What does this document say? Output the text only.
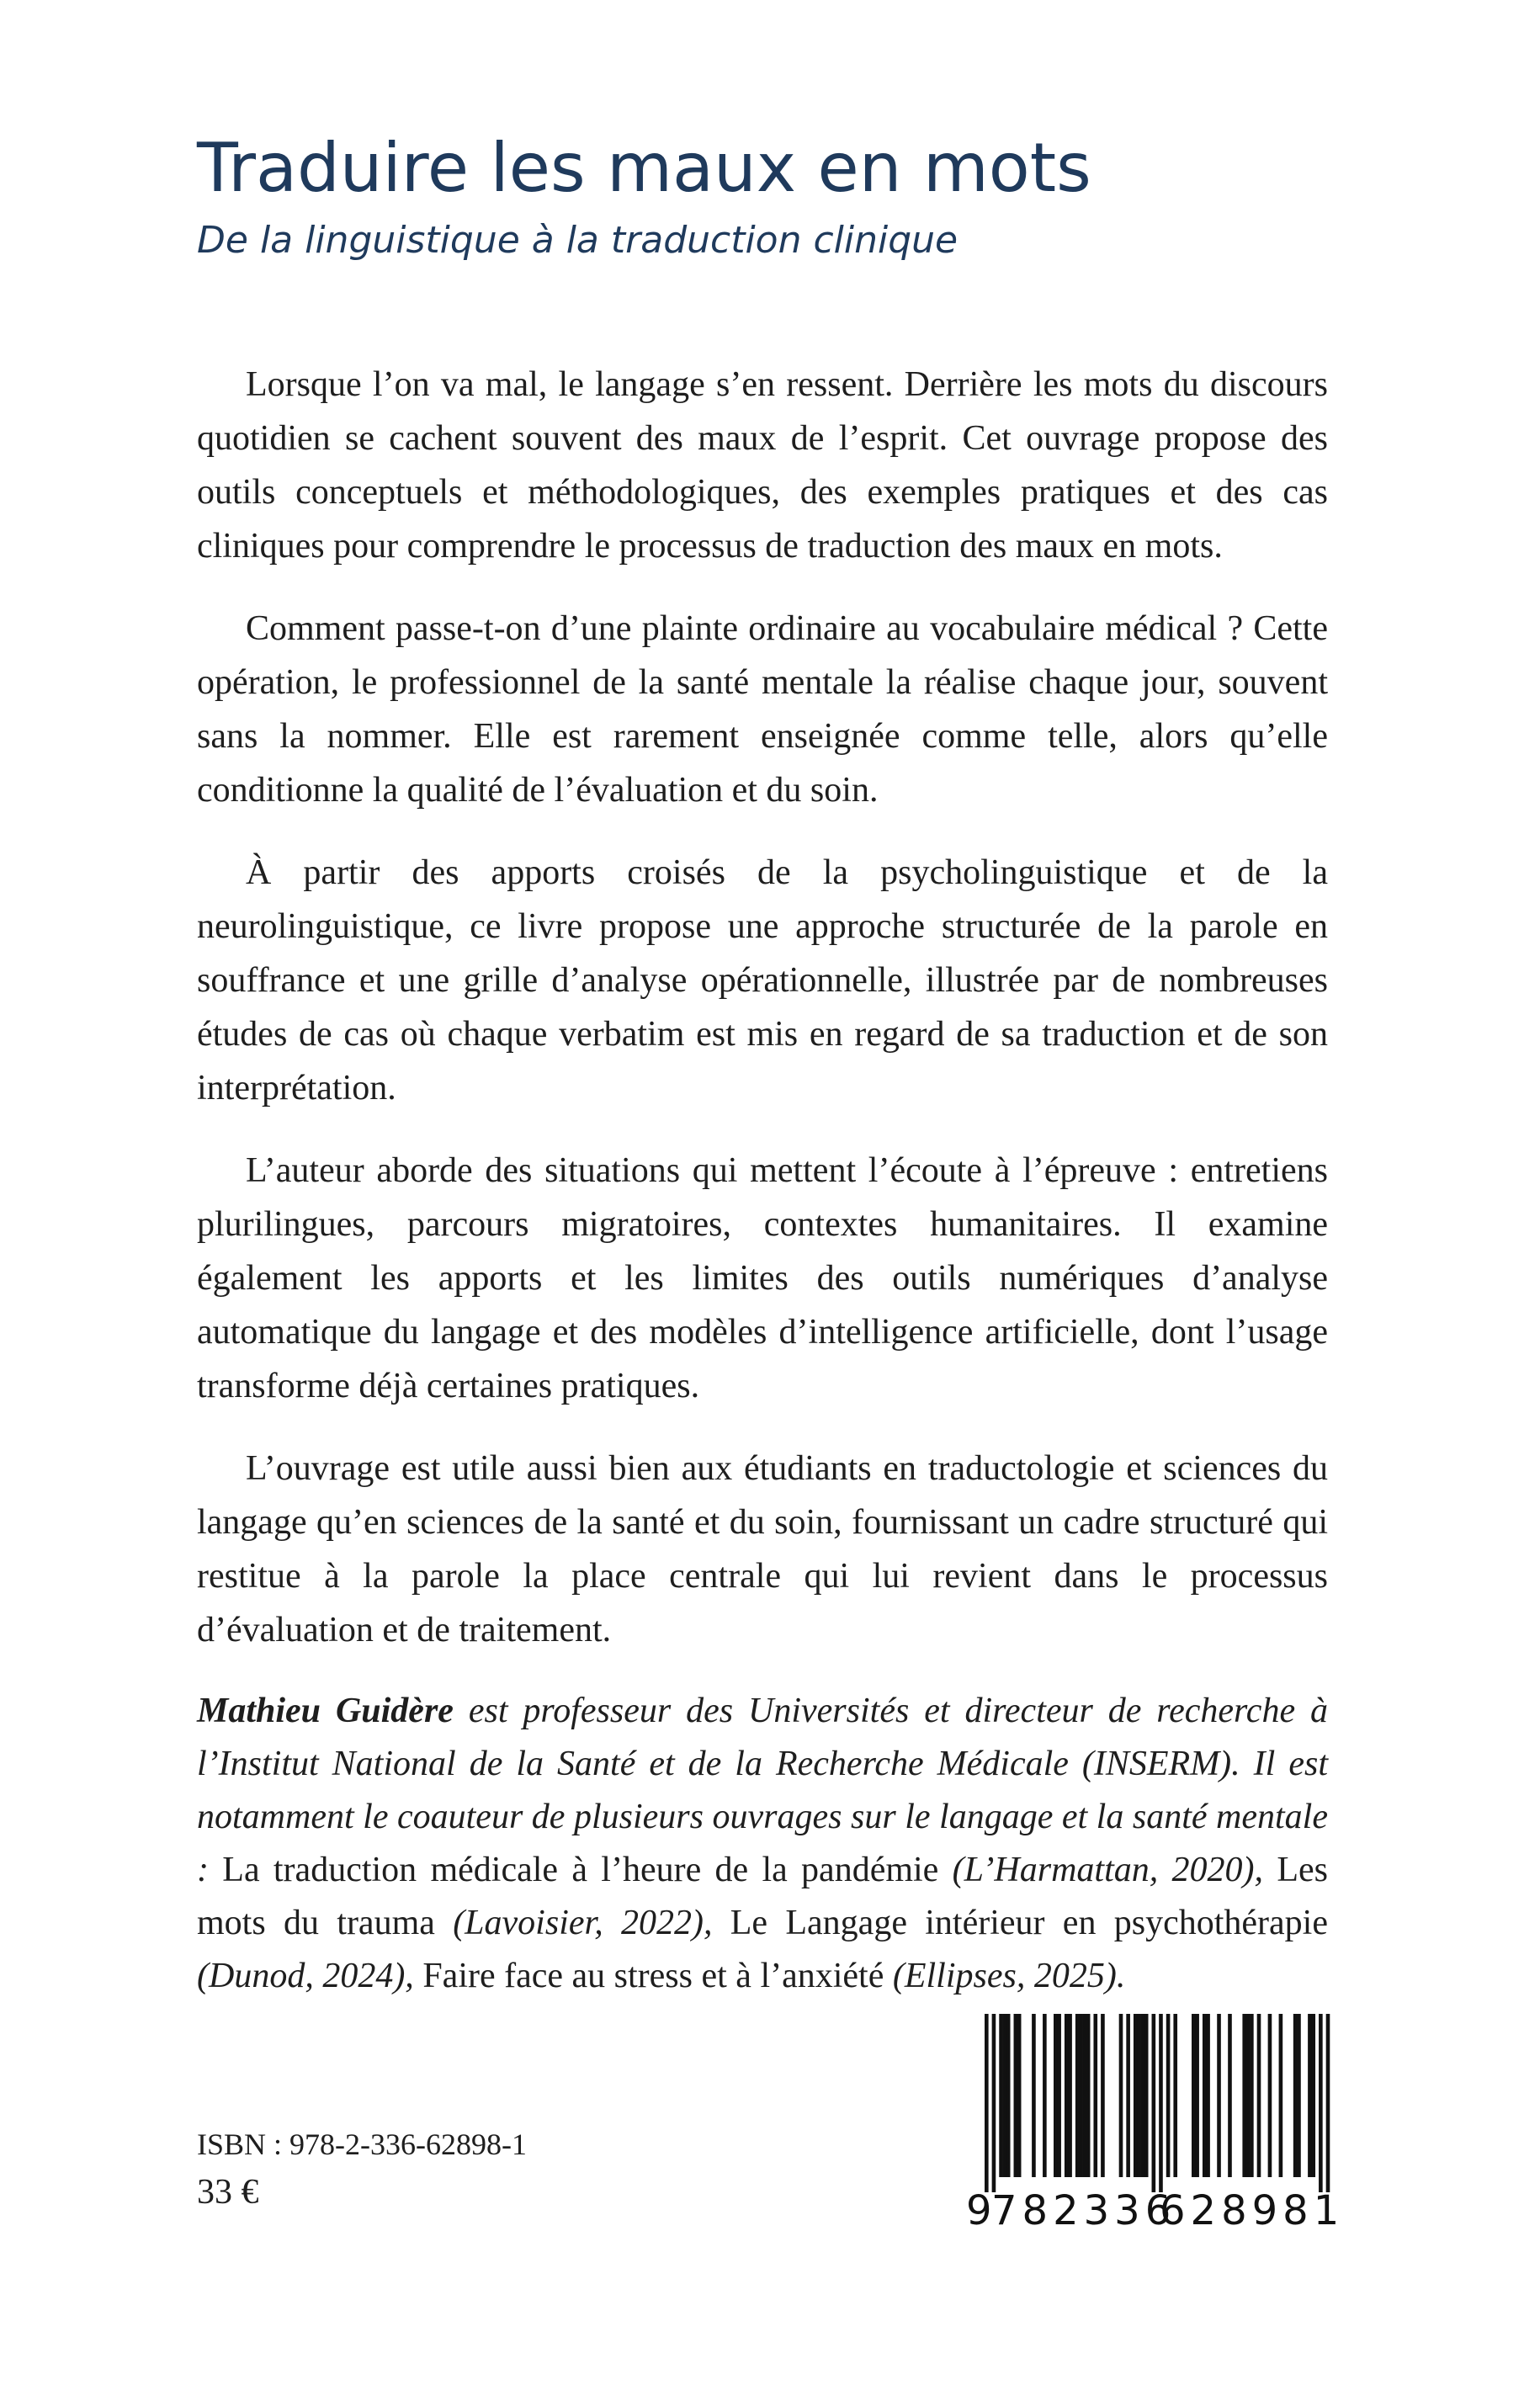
Traduire les maux en mots
De la linguistique à la traduction clinique

Lorsque l’on va mal, le langage s’en ressent. Derrière les mots du discours quotidien se cachent souvent des maux de l’esprit. Cet ouvrage propose des outils conceptuels et méthodologiques, des exemples pratiques et des cas cliniques pour comprendre le processus de traduction des maux en mots.

Comment passe-t-on d’une plainte ordinaire au vocabulaire médical ? Cette opération, le professionnel de la santé mentale la réalise chaque jour, souvent sans la nommer. Elle est rarement enseignée comme telle, alors qu’elle conditionne la qualité de l’évaluation et du soin.

À partir des apports croisés de la psycholinguistique et de la neurolinguistique, ce livre propose une approche structurée de la parole en souffrance et une grille d’analyse opérationnelle, illustrée par de nombreuses études de cas où chaque verbatim est mis en regard de sa traduction et de son interprétation.

L’auteur aborde des situations qui mettent l’écoute à l’épreuve : entretiens plurilingues, parcours migratoires, contextes humanitaires. Il examine également les apports et les limites des outils numériques d’analyse automatique du langage et des modèles d’intelligence artificielle, dont l’usage transforme déjà certaines pratiques.

L’ouvrage est utile aussi bien aux étudiants en traductologie et sciences du langage qu’en sciences de la santé et du soin, fournissant un cadre structuré qui restitue à la parole la place centrale qui lui revient dans le processus d’évaluation et de traitement.

Mathieu Guidère est professeur des Universités et directeur de recherche à l’Institut National de la Santé et de la Recherche Médicale (INSERM). Il est notamment le coauteur de plusieurs ouvrages sur le langage et la santé mentale : La traduction médicale à l’heure de la pandémie (L’Harmattan, 2020), Les mots du trauma (Lavoisier, 2022), Le Langage intérieur en psychothérapie (Dunod, 2024), Faire face au stress et à l’anxiété (Ellipses, 2025).

ISBN : 978-2-336-62898-1

33 €	9 782336
628981
